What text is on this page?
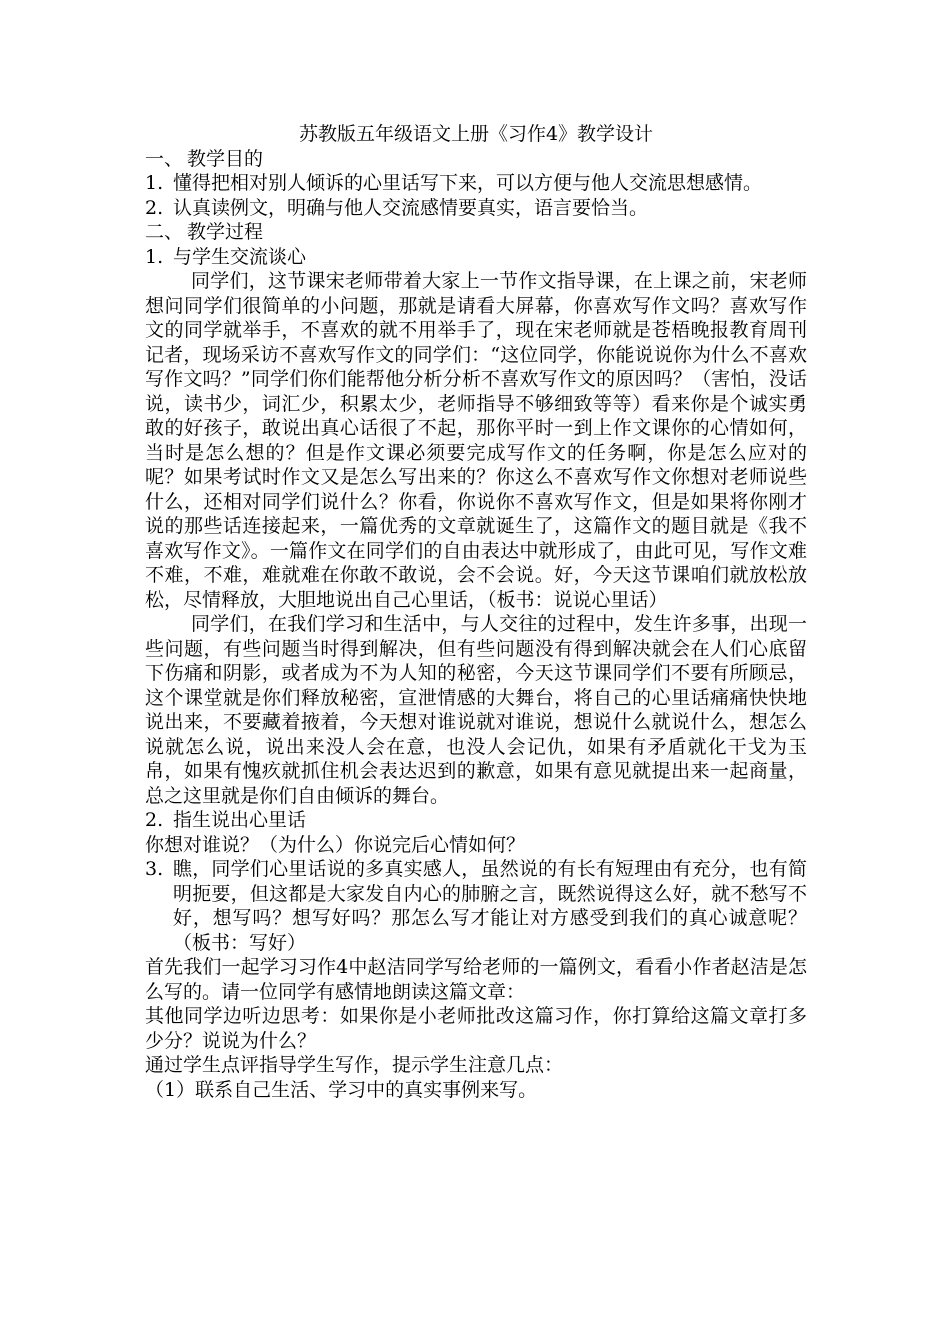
苏教版五年级语文上册《习作4》教学设计
一、 教学目的
1. 懂得把相对别人倾诉的心里话写下来，可以方便与他人交流思想感情。
2. 认真读例文，明确与他人交流感情要真实，语言要恰当。
二、 教学过程
1. 与学生交流谈心

同学们，这节课宋老师带着大家上一节作文指导课，在上课之前，宋老师想问同学们很简单的小问题，那就是请看大屏幕，你喜欢写作文吗？喜欢写作文的同学就举手，不喜欢的就不用举手了，现在宋老师就是苍梧晚报教育周刊记者，现场采访不喜欢写作文的同学们：“这位同学，你能说说你为什么不喜欢写作文吗？”同学们你们能帮他分析分析不喜欢写作文的原因吗？（害怕，没话说，读书少，词汇少，积累太少，老师指导不够细致等等）看来你是个诚实勇敢的好孩子，敢说出真心话很了不起，那你平时一到上作文课你的心情如何，当时是怎么想的？但是作文课必须要完成写作文的任务啊，你是怎么应对的呢？如果考试时作文又是怎么写出来的？你这么不喜欢写作文你想对老师说些什么，还相对同学们说什么？你看，你说你不喜欢写作文，但是如果将你刚才说的那些话连接起来，一篇优秀的文章就诞生了，这篇作文的题目就是《我不喜欢写作文》。一篇作文在同学们的自由表达中就形成了，由此可见，写作文难不难，不难，难就难在你敢不敢说，会不会说。好，今天这节课咱们就放松放松，尽情释放，大胆地说出自己心里话，（板书：说说心里话）

同学们，在我们学习和生活中，与人交往的过程中，发生许多事，出现一些问题，有些问题当时得到解决，但有些问题没有得到解决就会在人们心底留下伤痛和阴影，或者成为不为人知的秘密，今天这节课同学们不要有所顾忌，这个课堂就是你们释放秘密，宣泄情感的大舞台，将自己的心里话痛痛快快地说出来，不要藏着掖着，今天想对谁说就对谁说，想说什么就说什么，想怎么说就怎么说，说出来没人会在意，也没人会记仇，如果有矛盾就化干戈为玉帛，如果有愧疚就抓住机会表达迟到的歉意，如果有意见就提出来一起商量，总之这里就是你们自由倾诉的舞台。

2. 指生说出心里话

你想对谁说？（为什么）你说完后心情如何？

3. 瞧，同学们心里话说的多真实感人，虽然说的有长有短理由有充分，也有简明扼要，但这都是大家发自内心的肺腑之言，既然说得这么好，就不愁写不好，想写吗？想写好吗？那怎么写才能让对方感受到我们的真心诚意呢？（板书：写好）

首先我们一起学习习作4中赵洁同学写给老师的一篇例文，看看小作者赵洁是怎么写的。请一位同学有感情地朗读这篇文章：

其他同学边听边思考：如果你是小老师批改这篇习作，你打算给这篇文章打多少分？说说为什么？

通过学生点评指导学生写作，提示学生注意几点：

（1）联系自己生活、学习中的真实事例来写。
